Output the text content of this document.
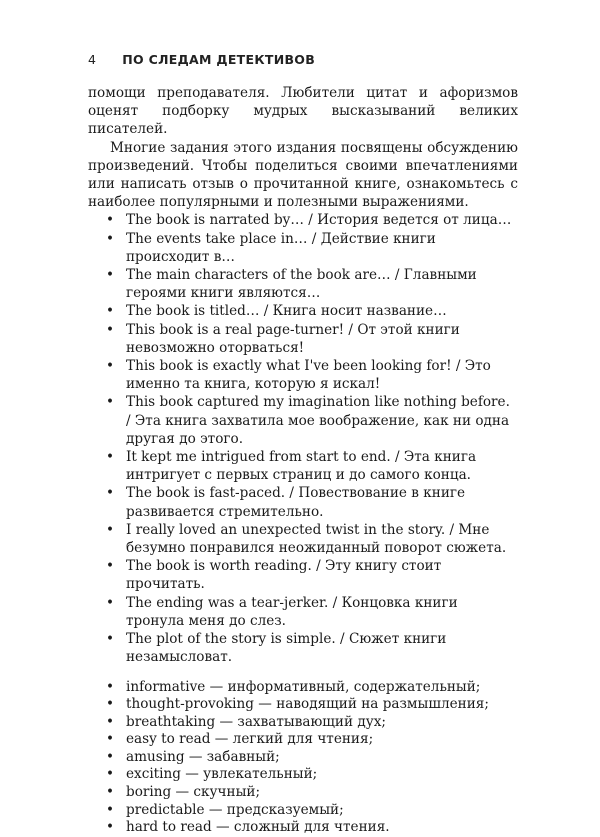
4 ПО СЛЕДАМ ДЕТЕКТИВОВ

помощи преподавателя. Любители цитат и афоризмов оценят подборку мудрых высказываний великих писателей.

Многие задания этого издания посвящены обсуждению произведений. Чтобы поделиться своими впечатлениями или написать отзыв о прочитанной книге, ознакомьтесь с наиболее популярными и полезными выражениями.

• The book is narrated by… / История ведется от лица…
• The events take place in… / Действие книги происходит в…
• The main characters of the book are… / Главными героями книги являются…
• The book is titled… / Книга носит название…
• This book is a real page-turner! / От этой книги невозможно оторваться!
• This book is exactly what I've been looking for! / Это именно та книга, которую я искал!
• This book captured my imagination like nothing before. / Эта книга захватила мое воображение, как ни одна другая до этого.
• It kept me intrigued from start to end. / Эта книга интригует с первых страниц и до самого конца.
• The book is fast-paced. / Повествование в книге развивается стремительно.
• I really loved an unexpected twist in the story. / Мне безумно понравился неожиданный поворот сюжета.
• The book is worth reading. / Эту книгу стоит прочитать.
• The ending was a tear-jerker. / Концовка книги тронула меня до слез.
• The plot of the story is simple. / Сюжет книги незамысловат.
• informative — информативный, содержательный;
• thought-provoking — наводящий на размышления;
• breathtaking — захватывающий дух;
• easy to read — легкий для чтения;
• amusing — забавный;
• exciting — увлекательный;
• boring — скучный;
• predictable — предсказуемый;
• hard to read — сложный для чтения.
